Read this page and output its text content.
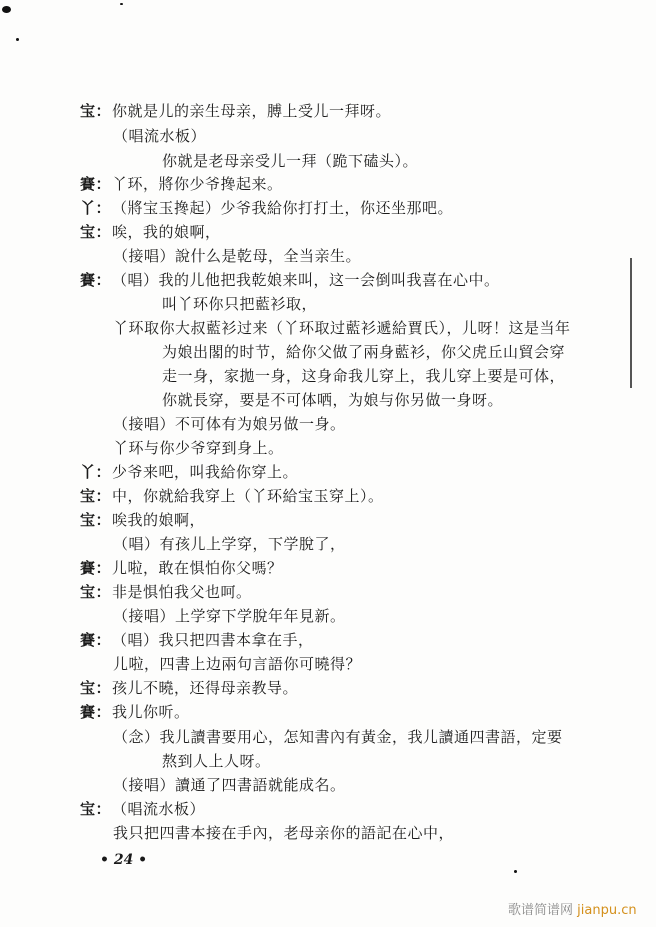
宝：你就是儿的亲生母亲，膊上受儿一拜呀。
（唱流水板）
你就是老母亲受儿一拜（跪下磕头）。
賽：丫环，將你少爷搀起来。
丫：（將宝玉搀起）少爷我給你打打土，你还坐那吧。
宝：唉，我的娘啊，
（接唱）說什么是乾母，全当亲生。
賽：（唱）我的儿他把我乾娘来叫，这一会倒叫我喜在心中。
叫丫环你只把藍衫取，
丫环取你大叔藍衫过来（丫环取过藍衫遞給賈氏），儿呀！这是当年
为娘出閣的时节，給你父做了兩身藍衫，你父虎丘山貿会穿
走一身，家拋一身，这身命我儿穿上，我儿穿上要是可体，
你就長穿，要是不可体哂，为娘与你另做一身呀。
（接唱）不可体有为娘另做一身。
丫环与你少爷穿到身上。
丫：少爷来吧，叫我給你穿上。
宝：中，你就給我穿上（丫环給宝玉穿上）。
宝：唉我的娘啊，
（唱）有孩儿上学穿，下学脫了，
賽：儿啦，敢在惧怕你父嗎？
宝：非是惧怕我父也呵。
（接唱）上学穿下学脫年年見新。
賽：（唱）我只把四書本拿在手，
儿啦，四書上边兩句言語你可曉得？
宝：孩儿不曉，还得母亲教导。
賽：我儿你听。
（念）我儿讀書要用心，怎知書內有黃金，我儿讀通四書語，定要
熬到人上人呀。
（接唱）讀通了四書語就能成名。
宝：（唱流水板）
我只把四書本接在手內，老母亲你的語記在心中，
• 24 •
歌谱简谱网 jianpu.cn
